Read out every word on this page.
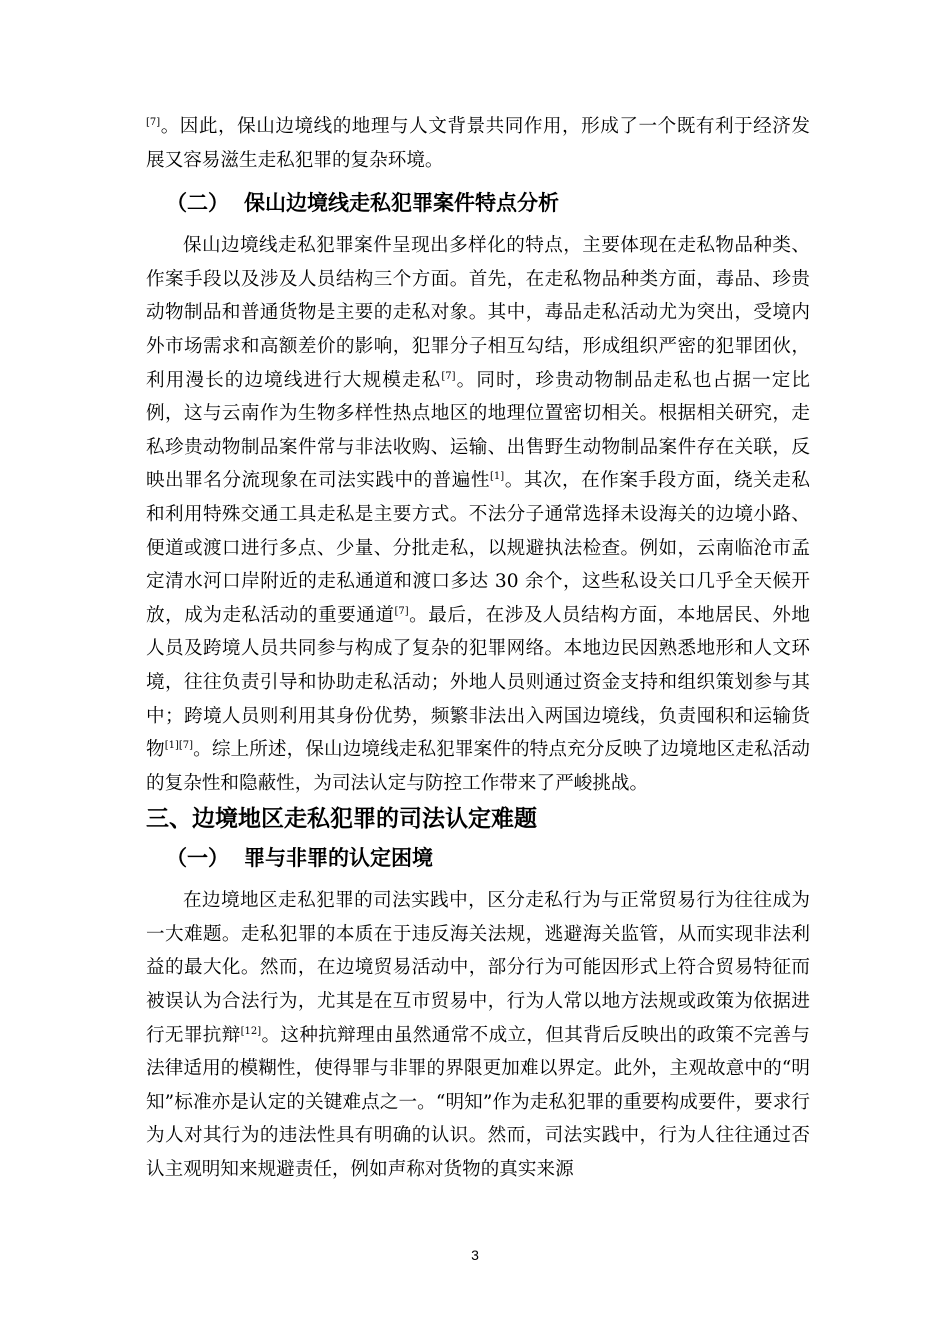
[7]。因此，保山边境线的地理与人文背景共同作用，形成了一个既有利于经济发展又容易滋生走私犯罪的复杂环境。

（二） 保山边境线走私犯罪案件特点分析

保山边境线走私犯罪案件呈现出多样化的特点，主要体现在走私物品种类、作案手段以及涉及人员结构三个方面。首先，在走私物品种类方面，毒品、珍贵动物制品和普通货物是主要的走私对象。其中，毒品走私活动尤为突出，受境内外市场需求和高额差价的影响，犯罪分子相互勾结，形成组织严密的犯罪团伙，利用漫长的边境线进行大规模走私[7]。同时，珍贵动物制品走私也占据一定比例，这与云南作为生物多样性热点地区的地理位置密切相关。根据相关研究，走私珍贵动物制品案件常与非法收购、运输、出售野生动物制品案件存在关联，反映出罪名分流现象在司法实践中的普遍性[1]。其次，在作案手段方面，绕关走私和利用特殊交通工具走私是主要方式。不法分子通常选择未设海关的边境小路、便道或渡口进行多点、少量、分批走私，以规避执法检查。例如，云南临沧市孟定清水河口岸附近的走私通道和渡口多达 30 余个，这些私设关口几乎全天候开放，成为走私活动的重要通道[7]。最后，在涉及人员结构方面，本地居民、外地人员及跨境人员共同参与构成了复杂的犯罪网络。本地边民因熟悉地形和人文环境，往往负责引导和协助走私活动；外地人员则通过资金支持和组织策划参与其中；跨境人员则利用其身份优势，频繁非法出入两国边境线，负责囤积和运输货物[1][7]。综上所述，保山边境线走私犯罪案件的特点充分反映了边境地区走私活动的复杂性和隐蔽性，为司法认定与防控工作带来了严峻挑战。

三、边境地区走私犯罪的司法认定难题
（一） 罪与非罪的认定困境

在边境地区走私犯罪的司法实践中，区分走私行为与正常贸易行为往往成为一大难题。走私犯罪的本质在于违反海关法规，逃避海关监管，从而实现非法利益的最大化。然而，在边境贸易活动中，部分行为可能因形式上符合贸易特征而被误认为合法行为，尤其是在互市贸易中，行为人常以地方法规或政策为依据进行无罪抗辩[12]。这种抗辩理由虽然通常不成立，但其背后反映出的政策不完善与法律适用的模糊性，使得罪与非罪的界限更加难以界定。此外，主观故意中的“明知”标准亦是认定的关键难点之一。“明知”作为走私犯罪的重要构成要件，要求行为人对其行为的违法性具有明确的认识。然而，司法实践中，行为人往往通过否认主观明知来规避责任，例如声称对货物的真实来源

3
